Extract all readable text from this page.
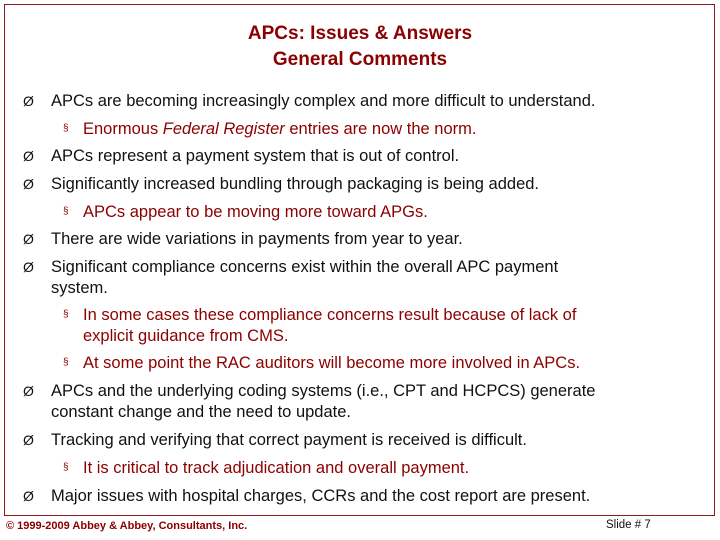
APCs: Issues & Answers
General Comments
Ø APCs are becoming increasingly complex and more difficult to understand.
§ Enormous Federal Register entries are now the norm.
Ø APCs represent a payment system that is out of control.
Ø Significantly increased bundling through packaging is being added.
§ APCs appear to be moving more toward APGs.
Ø There are wide variations in payments from year to year.
Ø Significant compliance concerns exist within the overall APC payment
system.
§ In some cases these compliance concerns result because of lack of
explicit guidance from CMS.
§ At some point the RAC auditors will become more involved in APCs.
Ø APCs and the underlying coding systems (i.e., CPT and HCPCS) generate
constant change and the need to update.
Ø Tracking and verifying that correct payment is received is difficult.
§ It is critical to track adjudication and overall payment.
Ø Major issues with hospital charges, CCRs and the cost report are present.
© 1999-2009 Abbey & Abbey, Consultants, Inc.	Slide # 7
